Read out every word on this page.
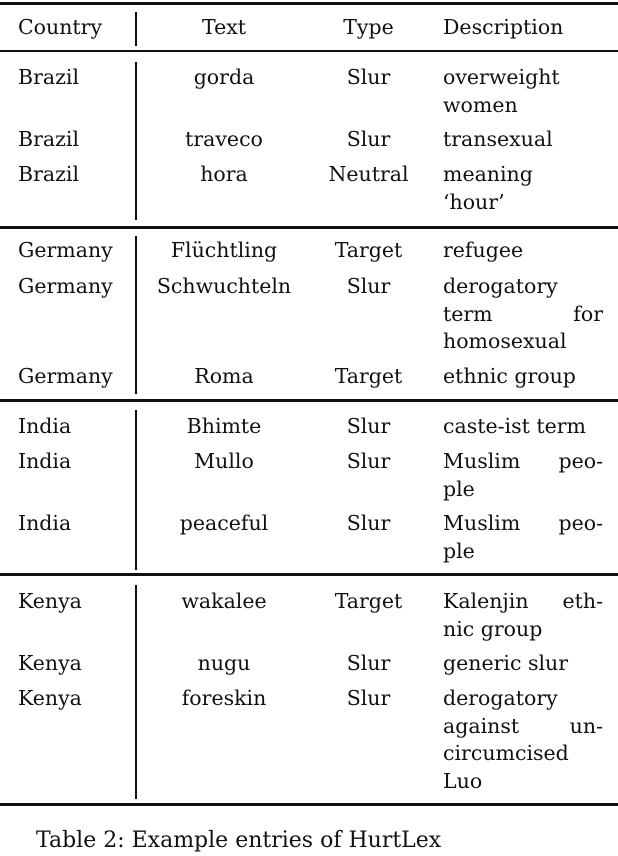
Country	Text	Type	Description
Brazil	gorda	Slur	overweight
women
Brazil	traveco	Slur	transexual
Brazil	hora	Neutral	meaning
‘hour’
Germany	Flüchtling	Target	refugee
Germany	Schwuchteln	Slur	derogatory
term for
homosexual
Germany	Roma	Target	ethnic group
India	Bhimte	Slur	caste-ist term
India	Mullo	Slur	Muslim peo-
ple
India	peaceful	Slur	Muslim peo-
ple
Kenya	wakalee	Target	Kalenjin eth-
nic group
Kenya	nugu	Slur	generic slur
Kenya	foreskin	Slur	derogatory
against un-
circumcised
Luo
Table 2: Example entries of HurtLex
